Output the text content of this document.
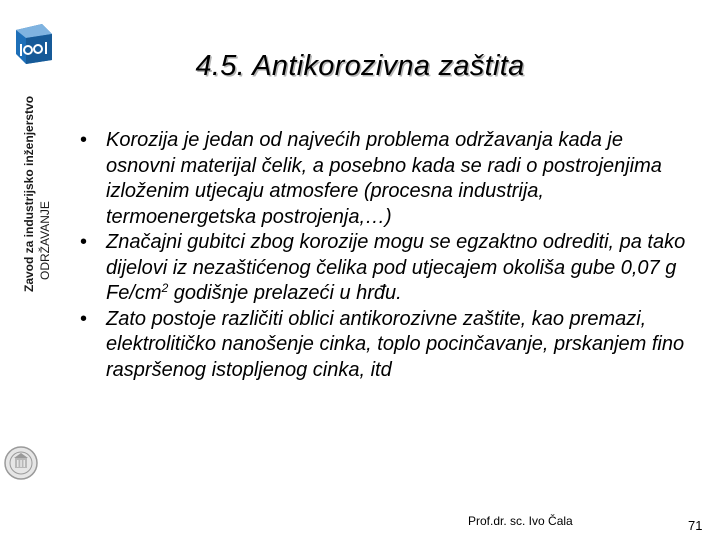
4.5. Antikorozivna zaštita
Zavod za industrijsko inženjerstvo ODRŽAVANJE
• Korozija je jedan od najvećih problema održavanja kada je osnovni materijal čelik, a posebno kada se radi o postrojenjima izloženim utjecaju atmosfere (procesna industrija, termoenergetska postrojenja,…)
• Značajni gubitci zbog korozije mogu se egzaktno odrediti, pa tako dijelovi iz nezaštićenog čelika pod utjecajem okoliša gube 0,07 g $Fe/cm^2$ godišnje prelazeći u hrđu.
• Zato postoje različiti oblici antikorozivne zaštite, kao premazi, elektrolitičko nanošenje cinka, toplo pocinčavanje, prskanjem fino raspršenog istopljenog cinka, itd
Prof.dr. sc. Ivo Čala	71
